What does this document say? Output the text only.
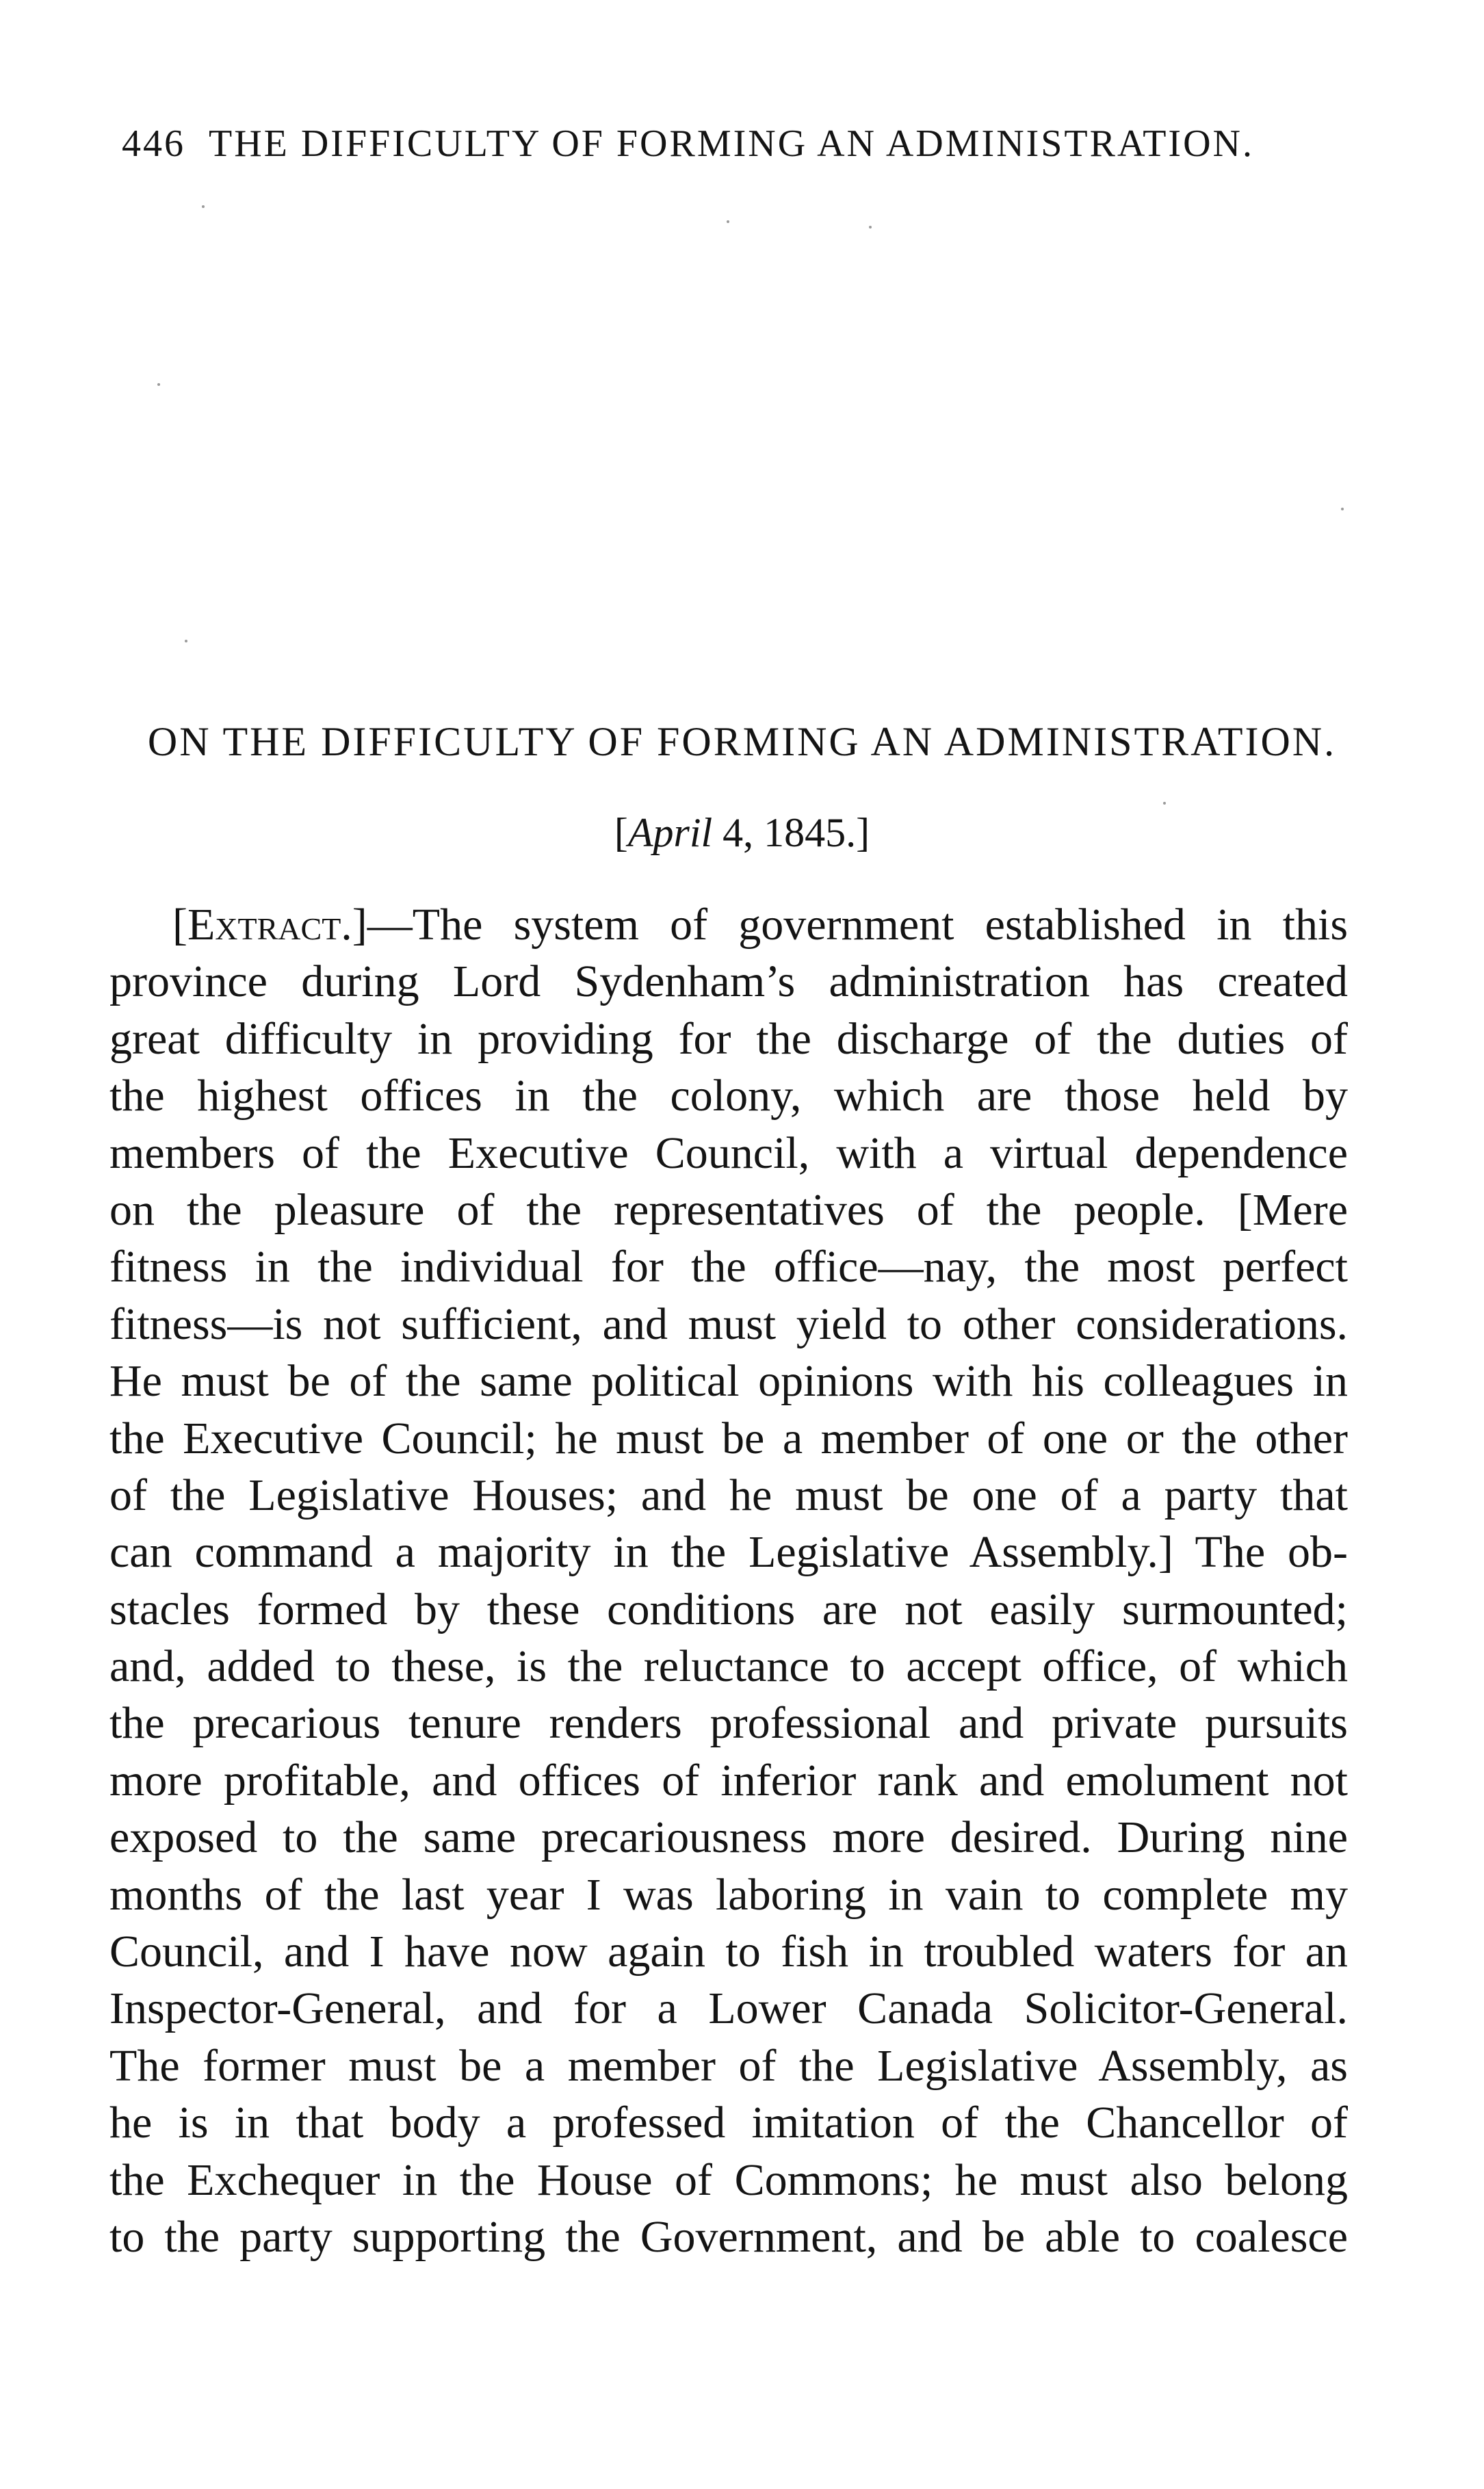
446 THE DIFFICULTY OF FORMING AN ADMINISTRATION.
ON THE DIFFICULTY OF FORMING AN ADMINISTRATION.
[April 4, 1845.]
[Extract.]—The system of government established in this
province during Lord Sydenham’s administration has created
great difficulty in providing for the discharge of the duties of
the highest offices in the colony, which are those held by
members of the Executive Council, with a virtual dependence
on the pleasure of the representatives of the people. [Mere
fitness in the individual for the office—nay, the most perfect
fitness—is not sufficient, and must yield to other considerations.
He must be of the same political opinions with his colleagues in
the Executive Council; he must be a member of one or the other
of the Legislative Houses; and he must be one of a party that
can command a majority in the Legislative Assembly.] The ob-
stacles formed by these conditions are not easily surmounted;
and, added to these, is the reluctance to accept office, of which
the precarious tenure renders professional and private pursuits
more profitable, and offices of inferior rank and emolument not
exposed to the same precariousness more desired. During nine
months of the last year I was laboring in vain to complete my
Council, and I have now again to fish in troubled waters for an
Inspector-General, and for a Lower Canada Solicitor-General.
The former must be a member of the Legislative Assembly, as
he is in that body a professed imitation of the Chancellor of
the Exchequer in the House of Commons; he must also belong
to the party supporting the Government, and be able to coalesce
